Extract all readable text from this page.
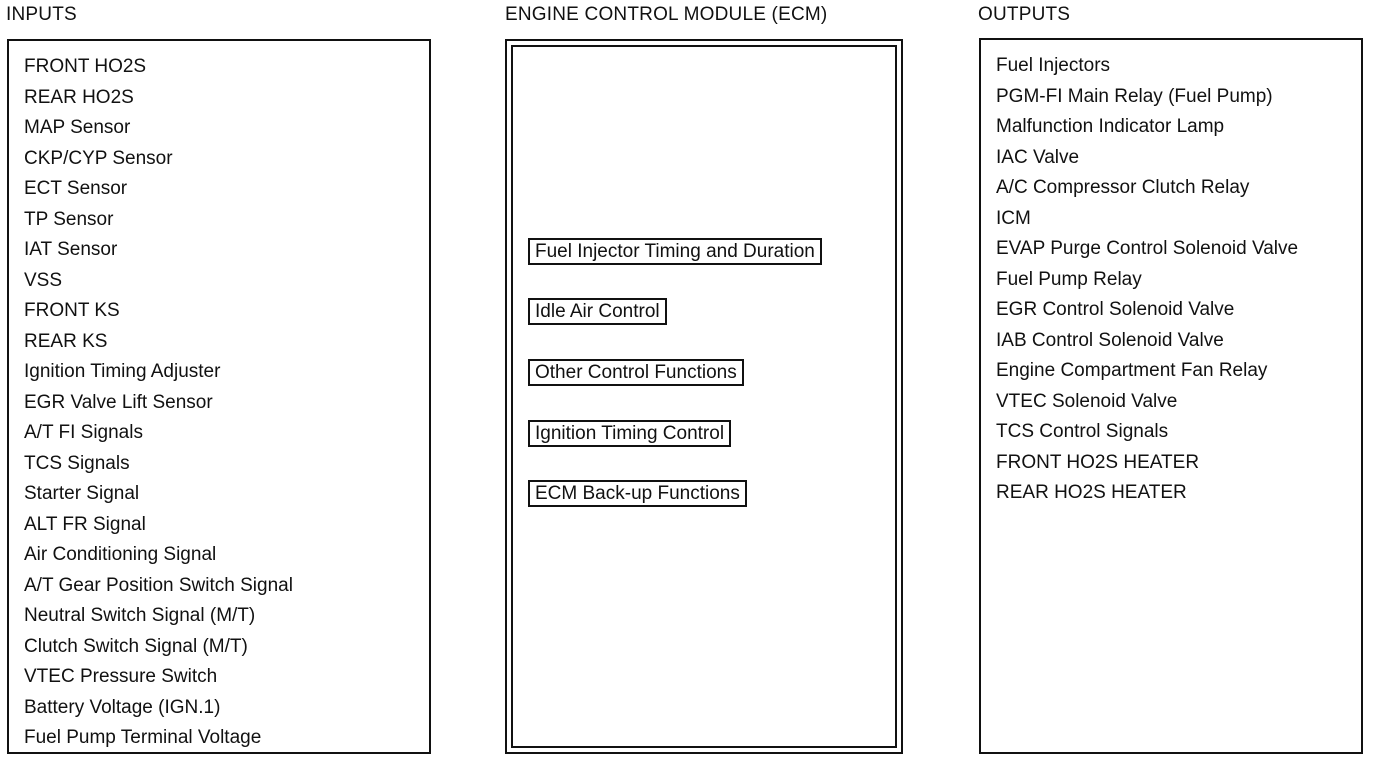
INPUTS	ENGINE CONTROL MODULE (ECM)	OUTPUTS
FRONT HO2S
REAR HO2S
MAP Sensor
CKP/CYP Sensor
ECT Sensor
TP Sensor
IAT Sensor
VSS
FRONT KS
REAR KS
Ignition Timing Adjuster
EGR Valve Lift Sensor
A/T FI Signals
TCS Signals
Starter Signal
ALT FR Signal
Air Conditioning Signal
A/T Gear Position Switch Signal
Neutral Switch Signal (M/T)
Clutch Switch Signal (M/T)
VTEC Pressure Switch
Battery Voltage (IGN.1)
Fuel Pump Terminal Voltage
Fuel Injector Timing and Duration
Idle Air Control
Other Control Functions
Ignition Timing Control
ECM Back-up Functions
Fuel Injectors
PGM-FI Main Relay (Fuel Pump)
Malfunction Indicator Lamp
IAC Valve
A/C Compressor Clutch Relay
ICM
EVAP Purge Control Solenoid Valve
Fuel Pump Relay
EGR Control Solenoid Valve
IAB Control Solenoid Valve
Engine Compartment Fan Relay
VTEC Solenoid Valve
TCS Control Signals
FRONT HO2S HEATER
REAR HO2S HEATER
